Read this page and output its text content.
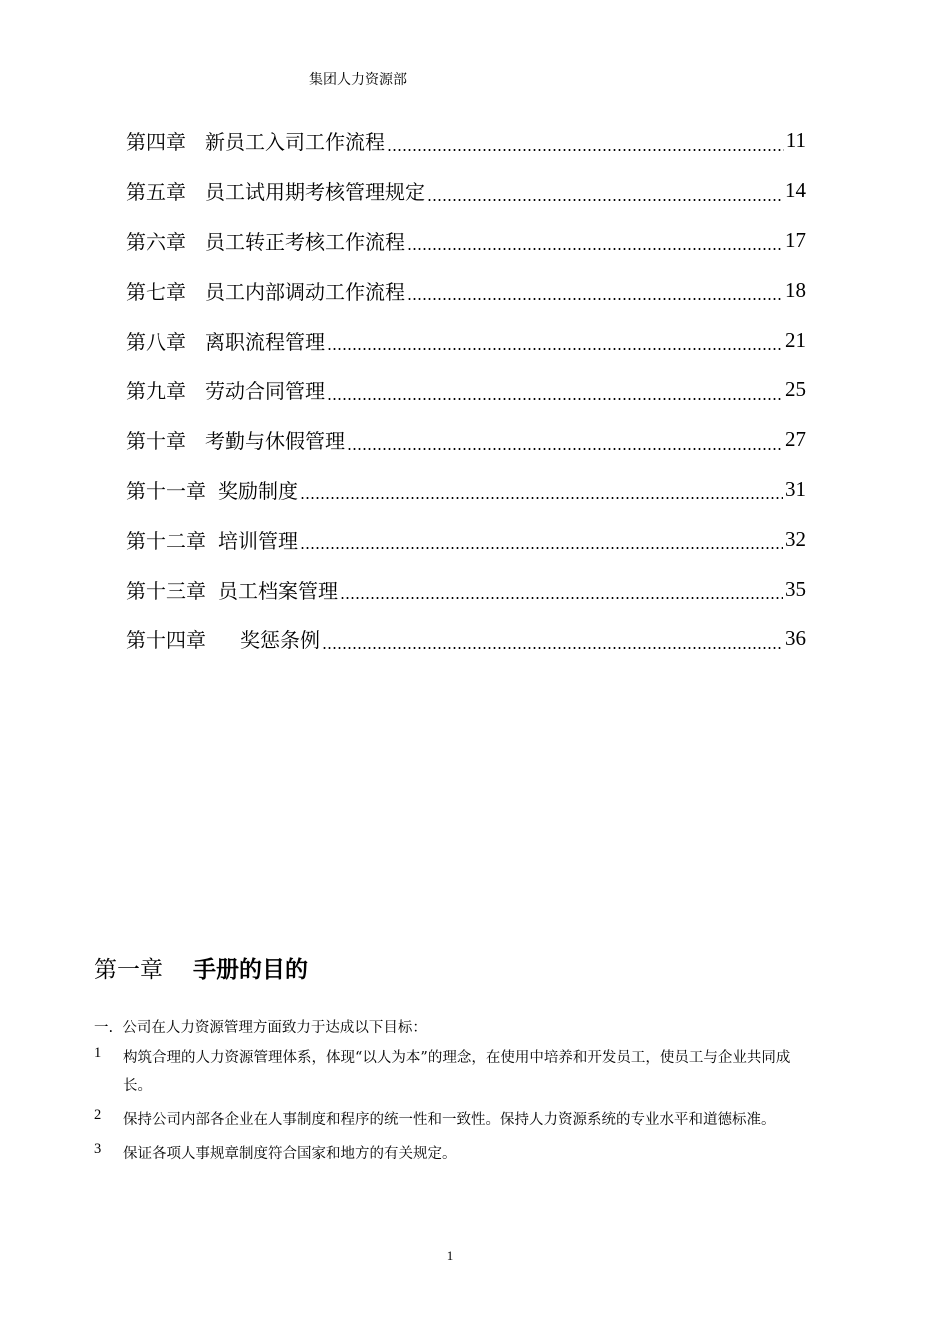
集团人力资源部
第四章 新员工入司工作流程	11
第五章 员工试用期考核管理规定	14
第六章 员工转正考核工作流程	17
第七章 员工内部调动工作流程	18
第八章 离职流程管理	21
第九章 劳动合同管理	25
第十章 考勤与休假管理	27
第十一章 奖励制度	31
第十二章 培训管理	32
第十三章 员工档案管理	35
第十四章 奖惩条例	36
第一章 手册的目的
一.  公司在人力资源管理方面致力于达成以下目标：
1	构筑合理的人力资源管理体系，体现“以人为本”的理念，在使用中培养和开发员工，使员工与企业共同成长。
2	保持公司内部各企业在人事制度和程序的统一性和一致性。保持人力资源系统的专业水平和道德标准。
3	保证各项人事规章制度符合国家和地方的有关规定。
1
